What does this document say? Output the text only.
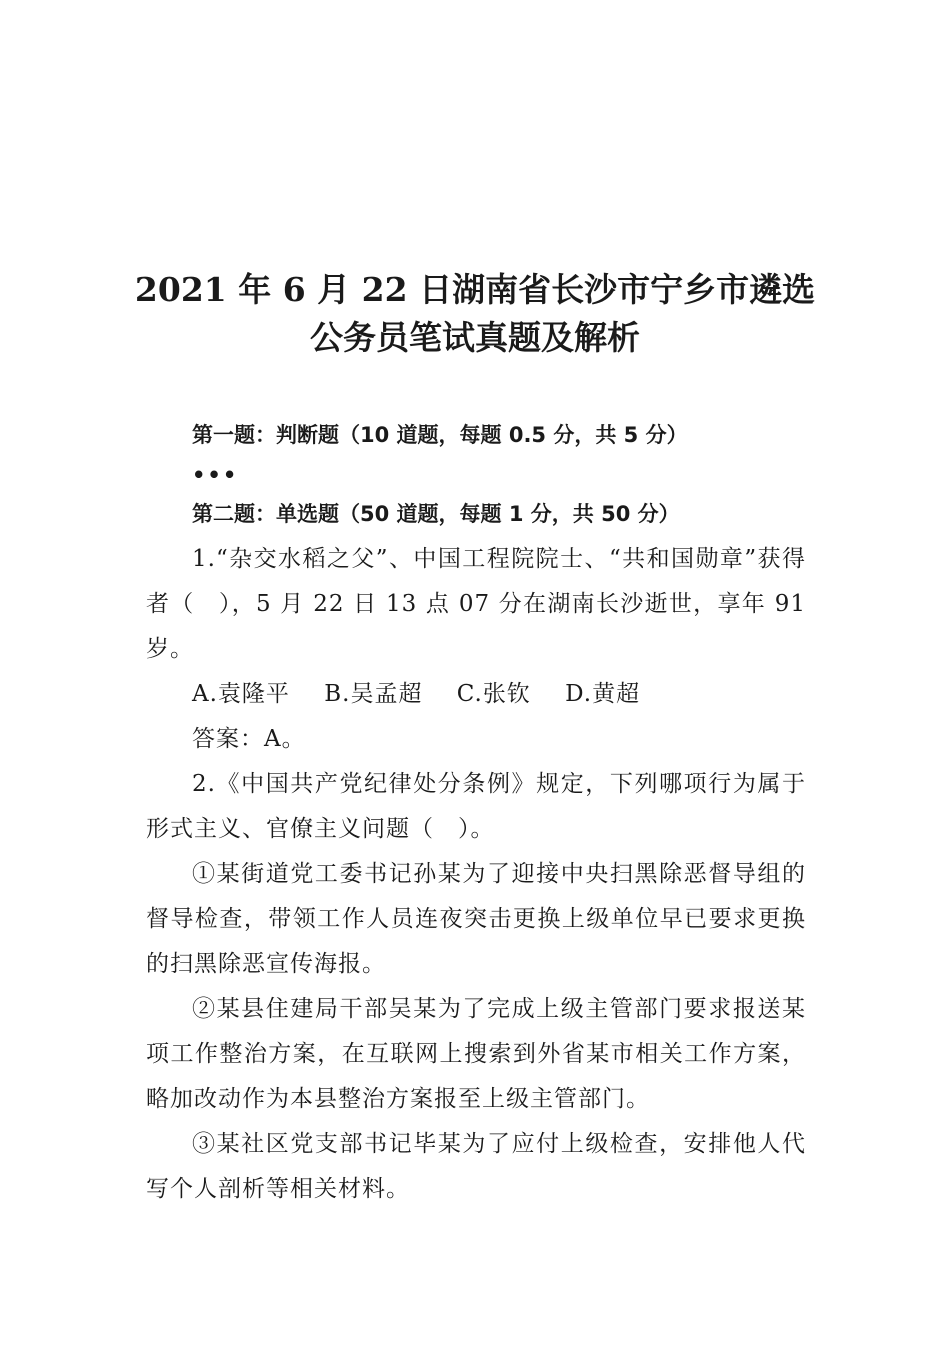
2021 年 6 月 22 日湖南省长沙市宁乡市遴选
公务员笔试真题及解析

第一题：判断题（10 道题，每题 0.5 分，共 5 分）

•••

第二题：单选题（50 道题，每题 1 分，共 50 分）

1.“杂交水稻之父”、中国工程院院士、“共和国勋章”获得者（　），5 月 22 日 13 点 07 分在湖南长沙逝世，享年 91 岁。

A.袁隆平 B.吴孟超 C.张钦 D.黄超

答案：A。

2.《中国共产党纪律处分条例》规定，下列哪项行为属于形式主义、官僚主义问题（　）。

①某街道党工委书记孙某为了迎接中央扫黑除恶督导组的督导检查，带领工作人员连夜突击更换上级单位早已要求更换的扫黑除恶宣传海报。

②某县住建局干部吴某为了完成上级主管部门要求报送某项工作整治方案，在互联网上搜索到外省某市相关工作方案，略加改动作为本县整治方案报至上级主管部门。

③某社区党支部书记毕某为了应付上级检查，安排他人代写个人剖析等相关材料。
